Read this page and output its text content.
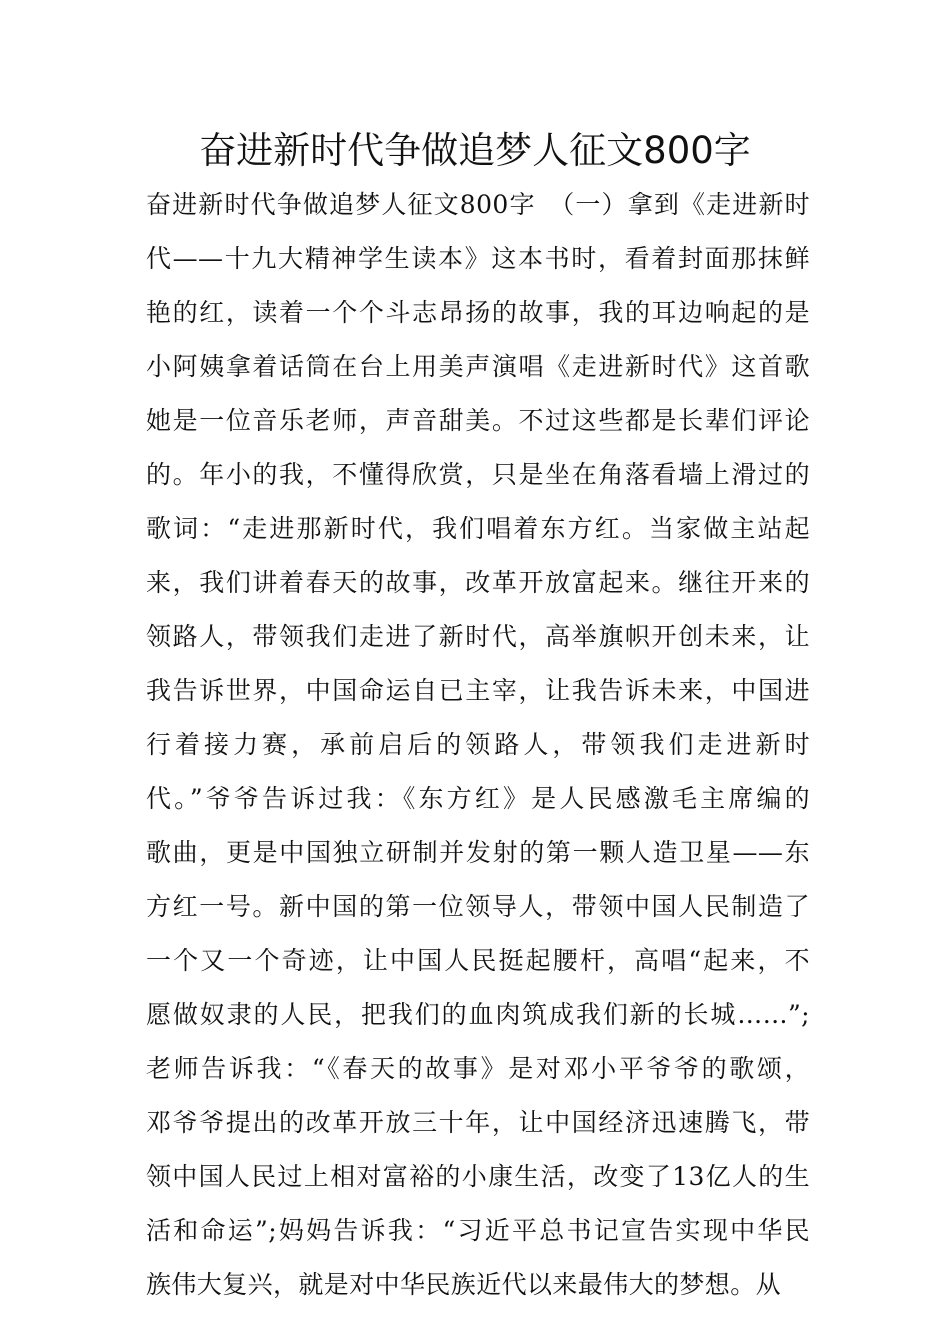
奋进新时代争做追梦人征文800字
奋进新时代争做追梦人征文800字　（一）拿到《走进新时
代——十九大精神学生读本》这本书时，看着封面那抹鲜
艳的红，读着一个个斗志昂扬的故事，我的耳边响起的是
小阿姨拿着话筒在台上用美声演唱《走进新时代》这首歌
她是一位音乐老师，声音甜美。不过这些都是长辈们评论
的。年小的我，不懂得欣赏，只是坐在角落看墙上滑过的
歌词：“走进那新时代，我们唱着东方红。当家做主站起
来，我们讲着春天的故事，改革开放富起来。继往开来的
领路人，带领我们走进了新时代，高举旗帜开创未来，让
我告诉世界，中国命运自已主宰，让我告诉未来，中国进
行着接力赛，承前启后的领路人，带领我们走进新时
代。”爷爷告诉过我：《东方红》是人民感激毛主席编的
歌曲，更是中国独立研制并发射的第一颗人造卫星——东
方红一号。新中国的第一位领导人，带领中国人民制造了
一个又一个奇迹，让中国人民挺起腰杆，高唱“起来，不
愿做奴隶的人民，把我们的血肉筑成我们新的长城……”;
老师告诉我：“《春天的故事》是对邓小平爷爷的歌颂，
邓爷爷提出的改革开放三十年，让中国经济迅速腾飞，带
领中国人民过上相对富裕的小康生活，改变了13亿人的生
活和命运”;妈妈告诉我：“习近平总书记宣告实现中华民
族伟大复兴，就是对中华民族近代以来最伟大的梦想。从
